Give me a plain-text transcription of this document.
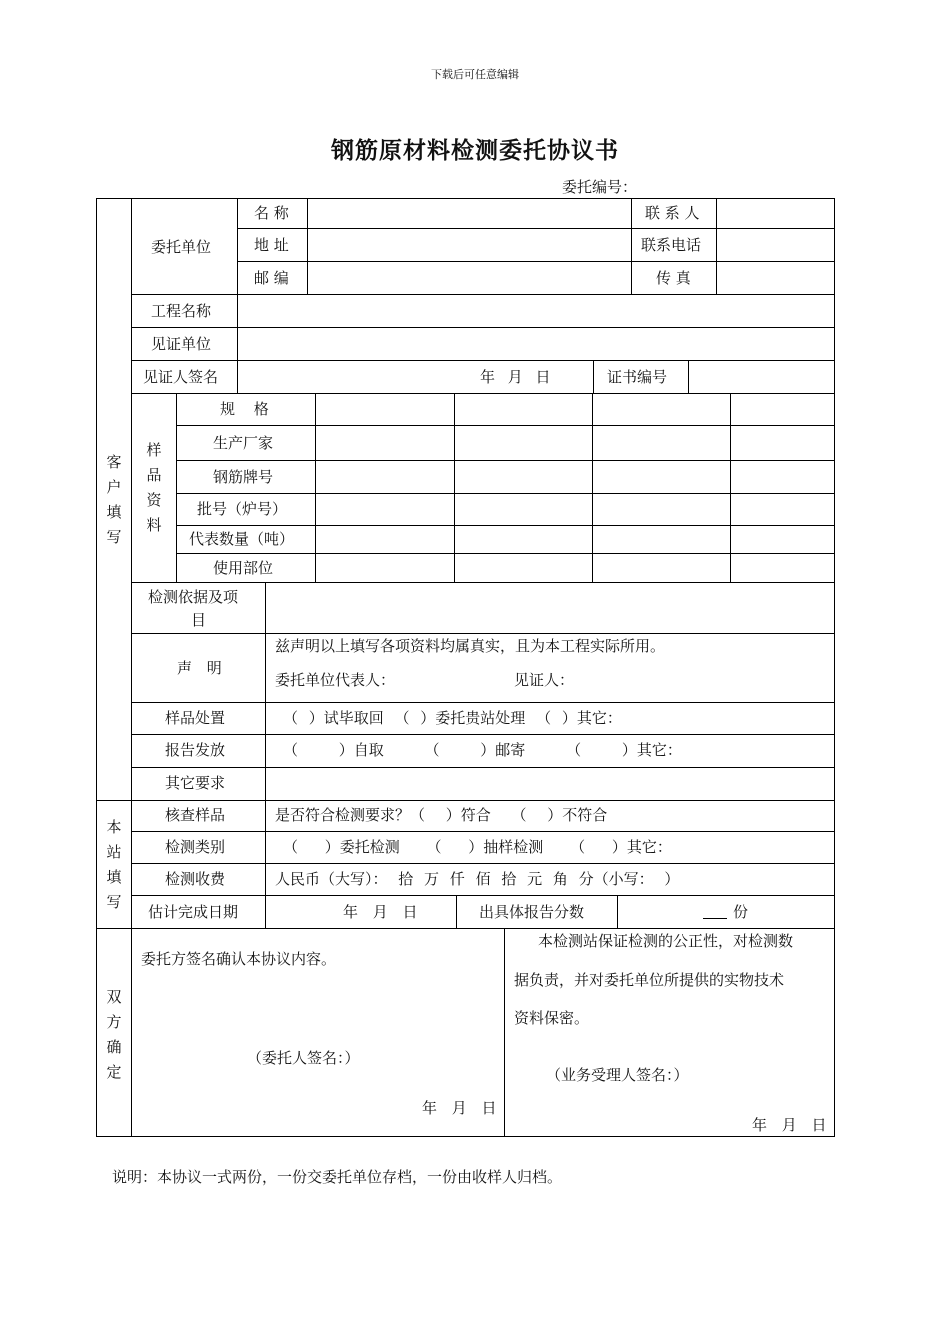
下载后可任意编辑
钢筋原材料检测委托协议书
委托编号：
客
户
填
写
委托单位
名 称	联 系 人
地 址	联系电话
邮 编	传 真
工程名称
见证单位
见证人签名	年 月 日	证书编号
样
品
资
料
规 格
生产厂家
钢筋牌号
批号（炉号）
代表数量（吨）
使用部位
检测依据及项
目
声 明
兹声明以上填写各项资料均属真实，且为本工程实际所用。
委托单位代表人：	见证人：
样品处置	（ ）试毕取回 （ ）委托贵站处理 （ ）其它：
报告发放	（ ）自取 （ ）邮寄 （ ）其它：
其它要求
本
站
填
写
核查样品	是否符合检测要求？（ ）符合 （ ）不符合
检测类别	（ ）委托检测 （ ）抽样检测 （ ）其它：
检测收费	人民币（大写）： 拾 万 仟 佰 拾 元 角 分（小写： ）
估计完成日期	年 月 日	出具体报告分数	份
双
方
确
定
委托方签名确认本协议内容。
（委托人签名：）
年 月 日
本检测站保证检测的公正性，对检测数
据负责，并对委托单位所提供的实物技术
资料保密。
（业务受理人签名：）
年 月 日
说明：本协议一式两份，一份交委托单位存档，一份由收样人归档。
